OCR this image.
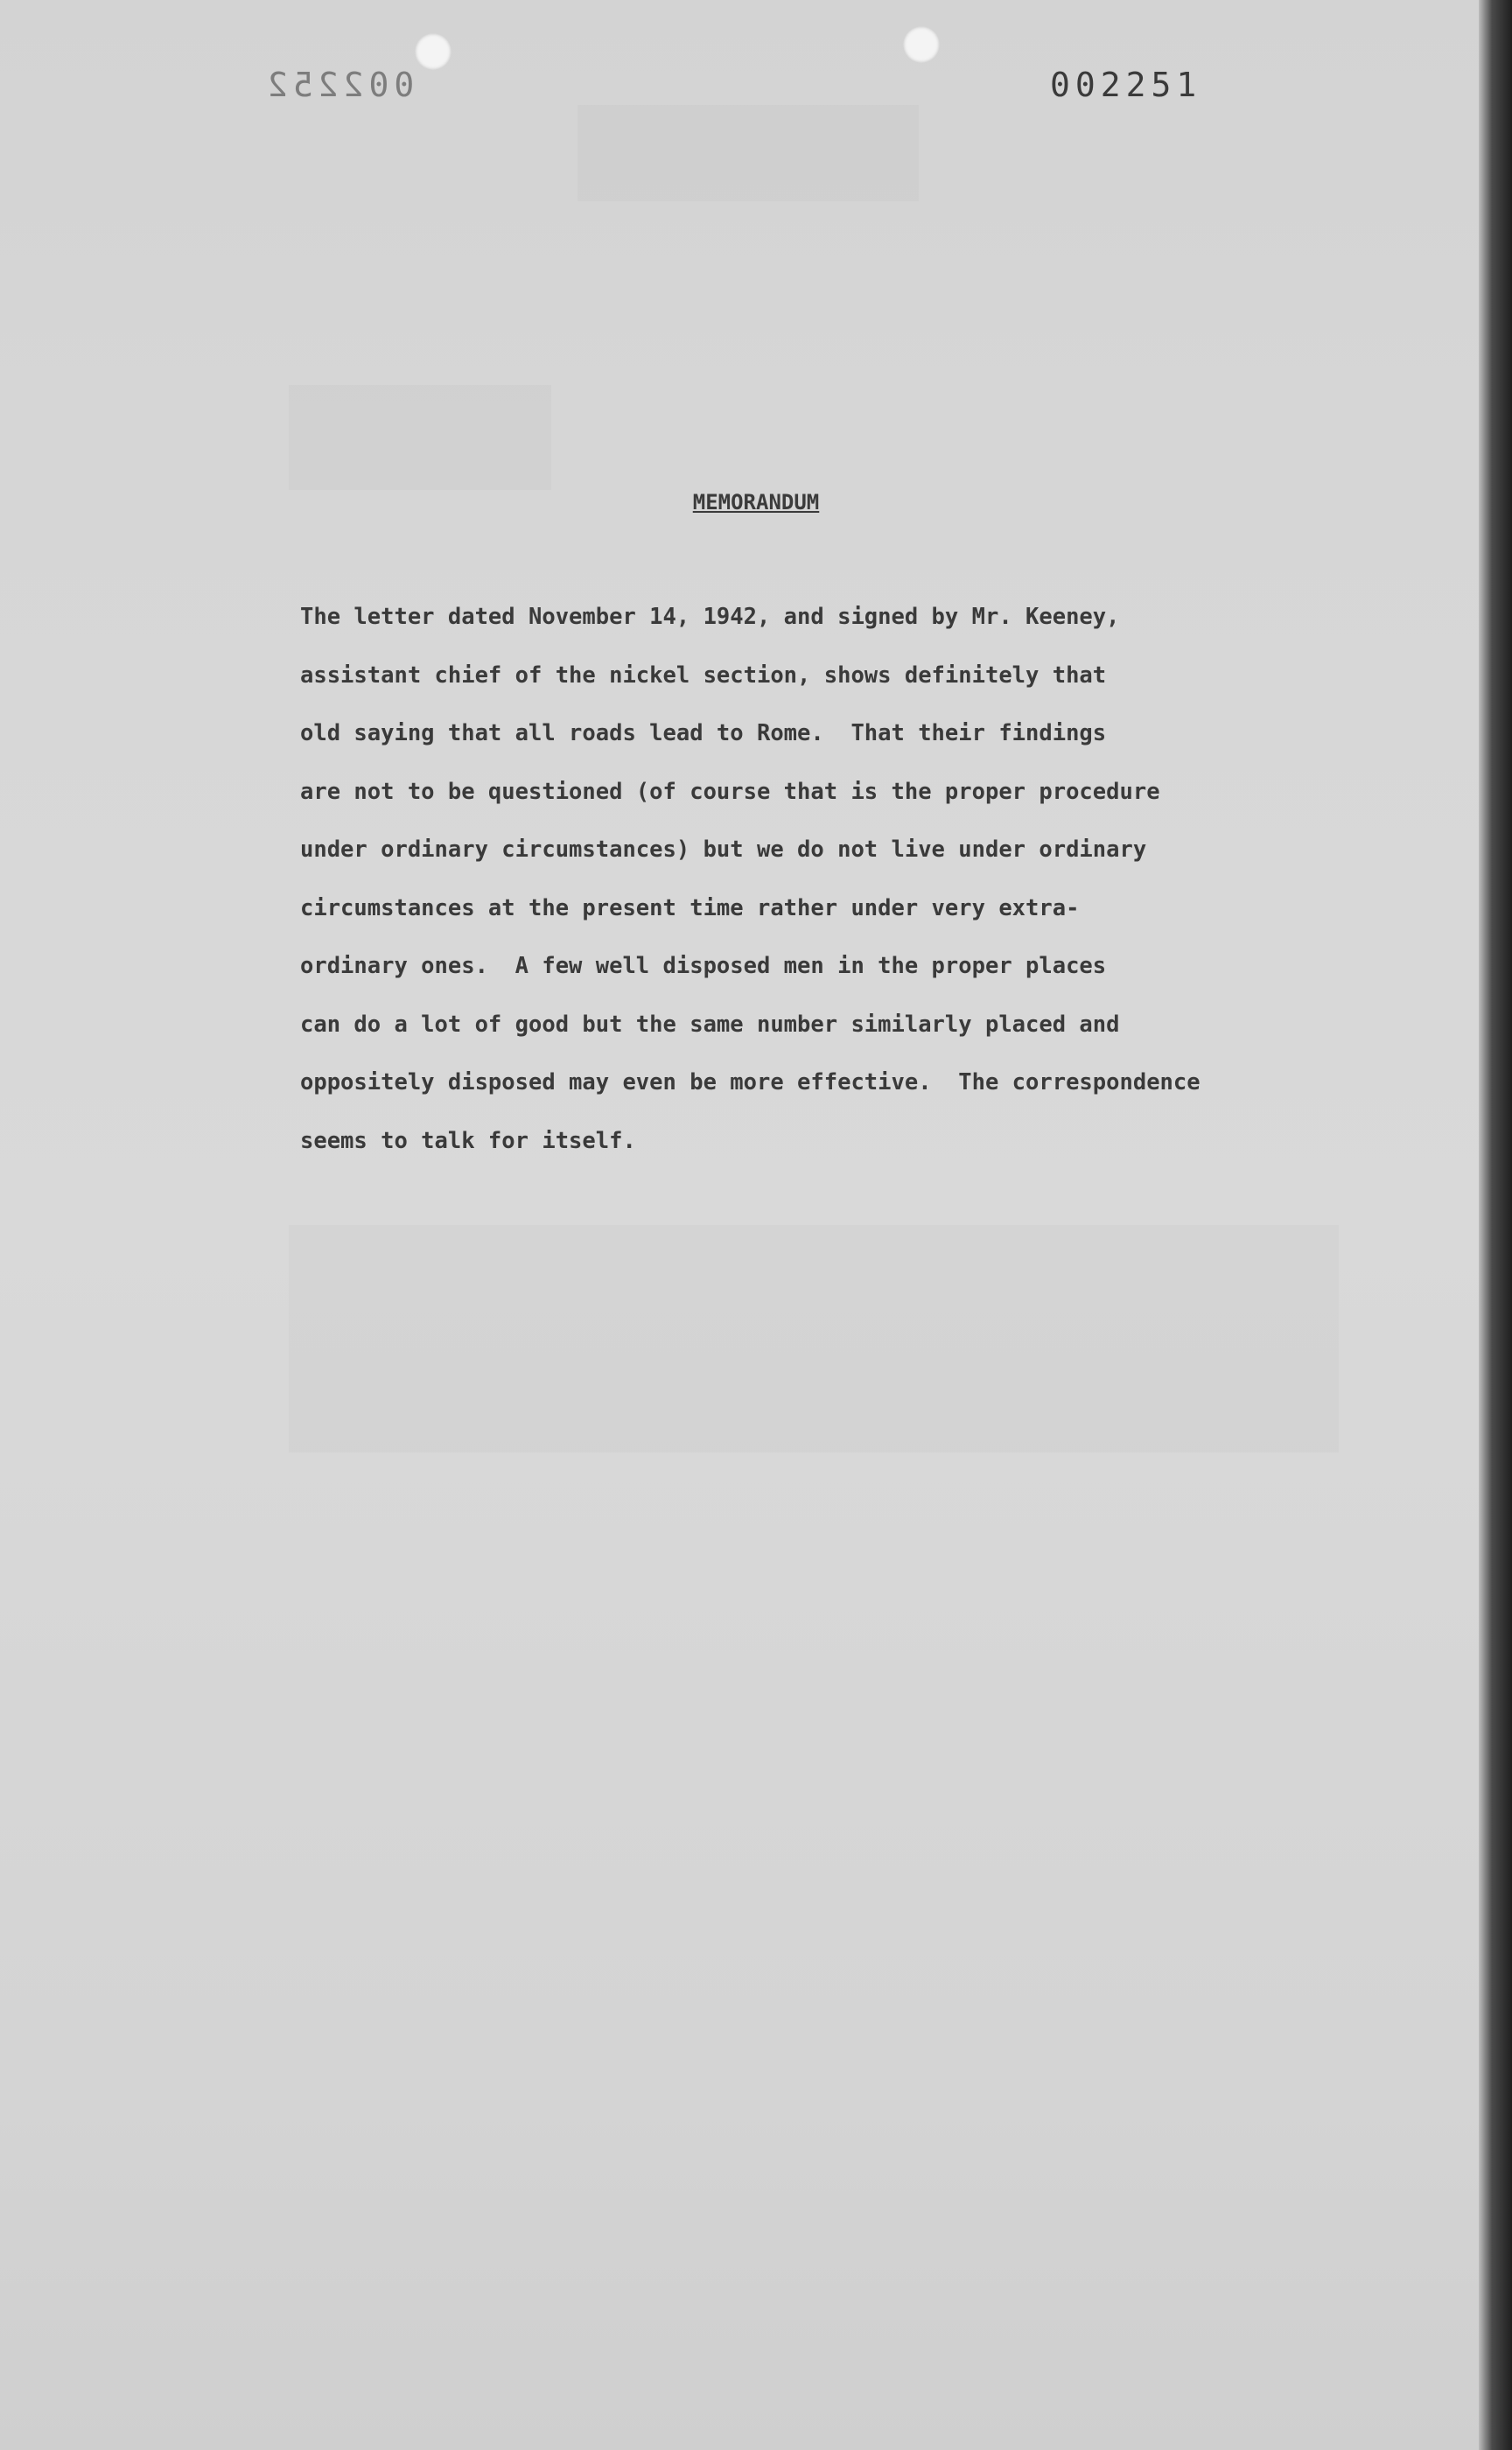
002252	002251
MEMORANDUM
The letter dated November 14, 1942, and signed by Mr. Keeney,
assistant chief of the nickel section, shows definitely that
old saying that all roads lead to Rome.  That their findings
are not to be questioned (of course that is the proper procedure
under ordinary circumstances) but we do not live under ordinary
circumstances at the present time rather under very extra-
ordinary ones.  A few well disposed men in the proper places
can do a lot of good but the same number similarly placed and
oppositely disposed may even be more effective.  The correspondence
seems to talk for itself.
